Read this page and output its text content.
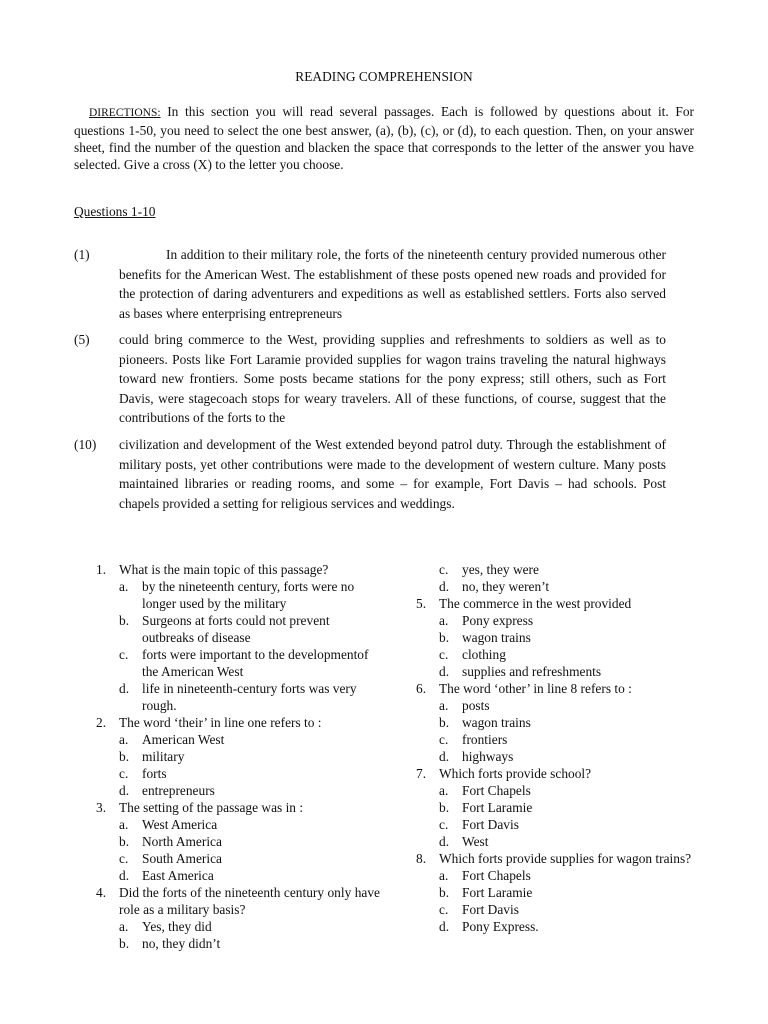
READING COMPREHENSION
DIRECTIONS: In this section you will read several passages. Each is followed by questions about it. For questions 1-50, you need to select the one best answer, (a), (b), (c), or (d), to each question. Then, on your answer sheet, find the number of the question and blacken the space that corresponds to the letter of the answer you have selected. Give a cross (X) to the letter you choose.
Questions 1-10
(1)	In addition to their military role, the forts of the nineteenth century provided numerous other benefits for the American West. The establishment of these posts opened new roads and provided for the protection of daring adventurers and expeditions as well as established settlers. Forts also served as bases where enterprising entrepreneurs
(5) could bring commerce to the West, providing supplies and refreshments to soldiers as well as to pioneers. Posts like Fort Laramie provided supplies for wagon trains traveling the natural highways toward new frontiers. Some posts became stations for the pony express; still others, such as Fort Davis, were stagecoach stops for weary travelers. All of these functions, of course, suggest that the contributions of the forts to the
(10) civilization and development of the West extended beyond patrol duty. Through the establishment of military posts, yet other contributions were made to the development of western culture. Many posts maintained libraries or reading rooms, and some – for example, Fort Davis – had schools. Post chapels provided a setting for religious services and weddings.
1. What is the main topic of this passage?
a. by the nineteenth century, forts were no longer used by the military
b. Surgeons at forts could not prevent outbreaks of disease
c. forts were important to the developmentof the American West
d. life in nineteenth-century forts was very rough.
2. The word ‘their’ in line one refers to :
a. American West
b. military
c. forts
d. entrepreneurs
3. The setting of the passage was in :
a. West America
b. North America
c. South America
d. East America
4. Did the forts of the nineteenth century only have role as a military basis?
a. Yes, they did
b. no, they didn’t
c. yes, they were
d. no, they weren’t
5. The commerce in the west provided
a. Pony express
b. wagon trains
c. clothing
d. supplies and refreshments
6. The word ‘other’ in line 8 refers to :
a. posts
b. wagon trains
c. frontiers
d. highways
7. Which forts provide school?
a. Fort Chapels
b. Fort Laramie
c. Fort Davis
d. West
8. Which forts provide supplies for wagon trains?
a. Fort Chapels
b. Fort Laramie
c. Fort Davis
d. Pony Express.
